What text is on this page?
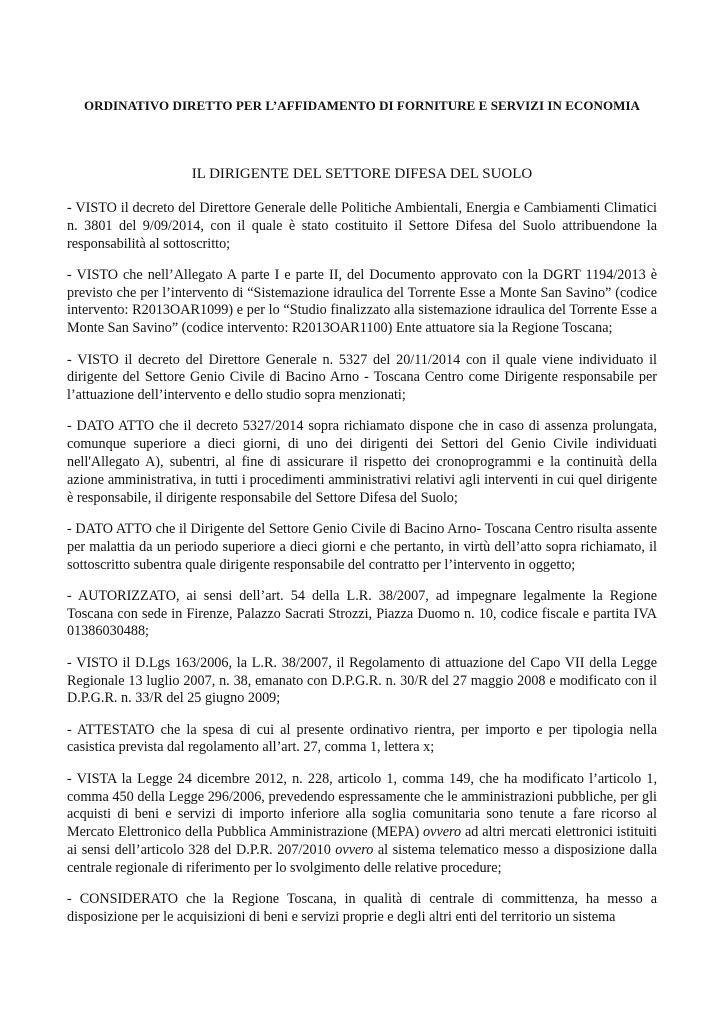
ORDINATIVO DIRETTO PER L’AFFIDAMENTO DI FORNITURE E SERVIZI IN ECONOMIA
IL DIRIGENTE DEL SETTORE DIFESA DEL SUOLO

- VISTO il decreto del Direttore Generale delle Politiche Ambientali, Energia e Cambiamenti Climatici n. 3801 del 9/09/2014, con il quale è stato costituito il Settore Difesa del Suolo attribuendone la responsabilità al sottoscritto;

- VISTO che nell’Allegato A parte I e parte II, del Documento approvato con la DGRT 1194/2013 è previsto che per l’intervento di “Sistemazione idraulica del Torrente Esse a Monte San Savino” (codice intervento: R2013OAR1099) e per lo “Studio finalizzato alla sistemazione idraulica del Torrente Esse a Monte San Savino” (codice intervento: R2013OAR1100) Ente attuatore sia la Regione Toscana;

- VISTO il decreto del Direttore Generale n. 5327 del 20/11/2014 con il quale viene individuato il dirigente del Settore Genio Civile di Bacino Arno - Toscana Centro come Dirigente responsabile per l’attuazione dell’intervento e dello studio sopra menzionati;

- DATO ATTO che il decreto 5327/2014 sopra richiamato dispone che in caso di assenza prolungata, comunque superiore a dieci giorni, di uno dei dirigenti dei Settori del Genio Civile individuati nell'Allegato A), subentri, al fine di assicurare il rispetto dei cronoprogrammi e la continuità della azione amministrativa, in tutti i procedimenti amministrativi relativi agli interventi in cui quel dirigente è responsabile, il dirigente responsabile del Settore Difesa del Suolo;

- DATO ATTO che il Dirigente del Settore Genio Civile di Bacino Arno- Toscana Centro risulta assente per malattia da un periodo superiore a dieci giorni e che pertanto, in virtù dell’atto sopra richiamato, il sottoscritto subentra quale dirigente responsabile del contratto per l’intervento in oggetto;

- AUTORIZZATO, ai sensi dell’art. 54 della L.R. 38/2007, ad impegnare legalmente la Regione Toscana con sede in Firenze, Palazzo Sacrati Strozzi, Piazza Duomo n. 10, codice fiscale e partita IVA 01386030488;

- VISTO il D.Lgs 163/2006, la L.R. 38/2007, il Regolamento di attuazione del Capo VII della Legge Regionale 13 luglio 2007, n. 38, emanato con D.P.G.R. n. 30/R del 27 maggio 2008 e modificato con il D.P.G.R. n. 33/R del 25 giugno 2009;

- ATTESTATO che la spesa di cui al presente ordinativo rientra, per importo e per tipologia nella casistica prevista dal regolamento all’art. 27, comma 1, lettera x;

- VISTA la Legge 24 dicembre 2012, n. 228, articolo 1, comma 149, che ha modificato l’articolo 1, comma 450 della Legge 296/2006, prevedendo espressamente che le amministrazioni pubbliche, per gli acquisti di beni e servizi di importo inferiore alla soglia comunitaria sono tenute a fare ricorso al Mercato Elettronico della Pubblica Amministrazione (MEPA) ovvero ad altri mercati elettronici istituiti ai sensi dell’articolo 328 del D.P.R. 207/2010 ovvero al sistema telematico messo a disposizione dalla centrale regionale di riferimento per lo svolgimento delle relative procedure;

- CONSIDERATO che la Regione Toscana, in qualità di centrale di committenza, ha messo a disposizione per le acquisizioni di beni e servizi proprie e degli altri enti del territorio un sistema
